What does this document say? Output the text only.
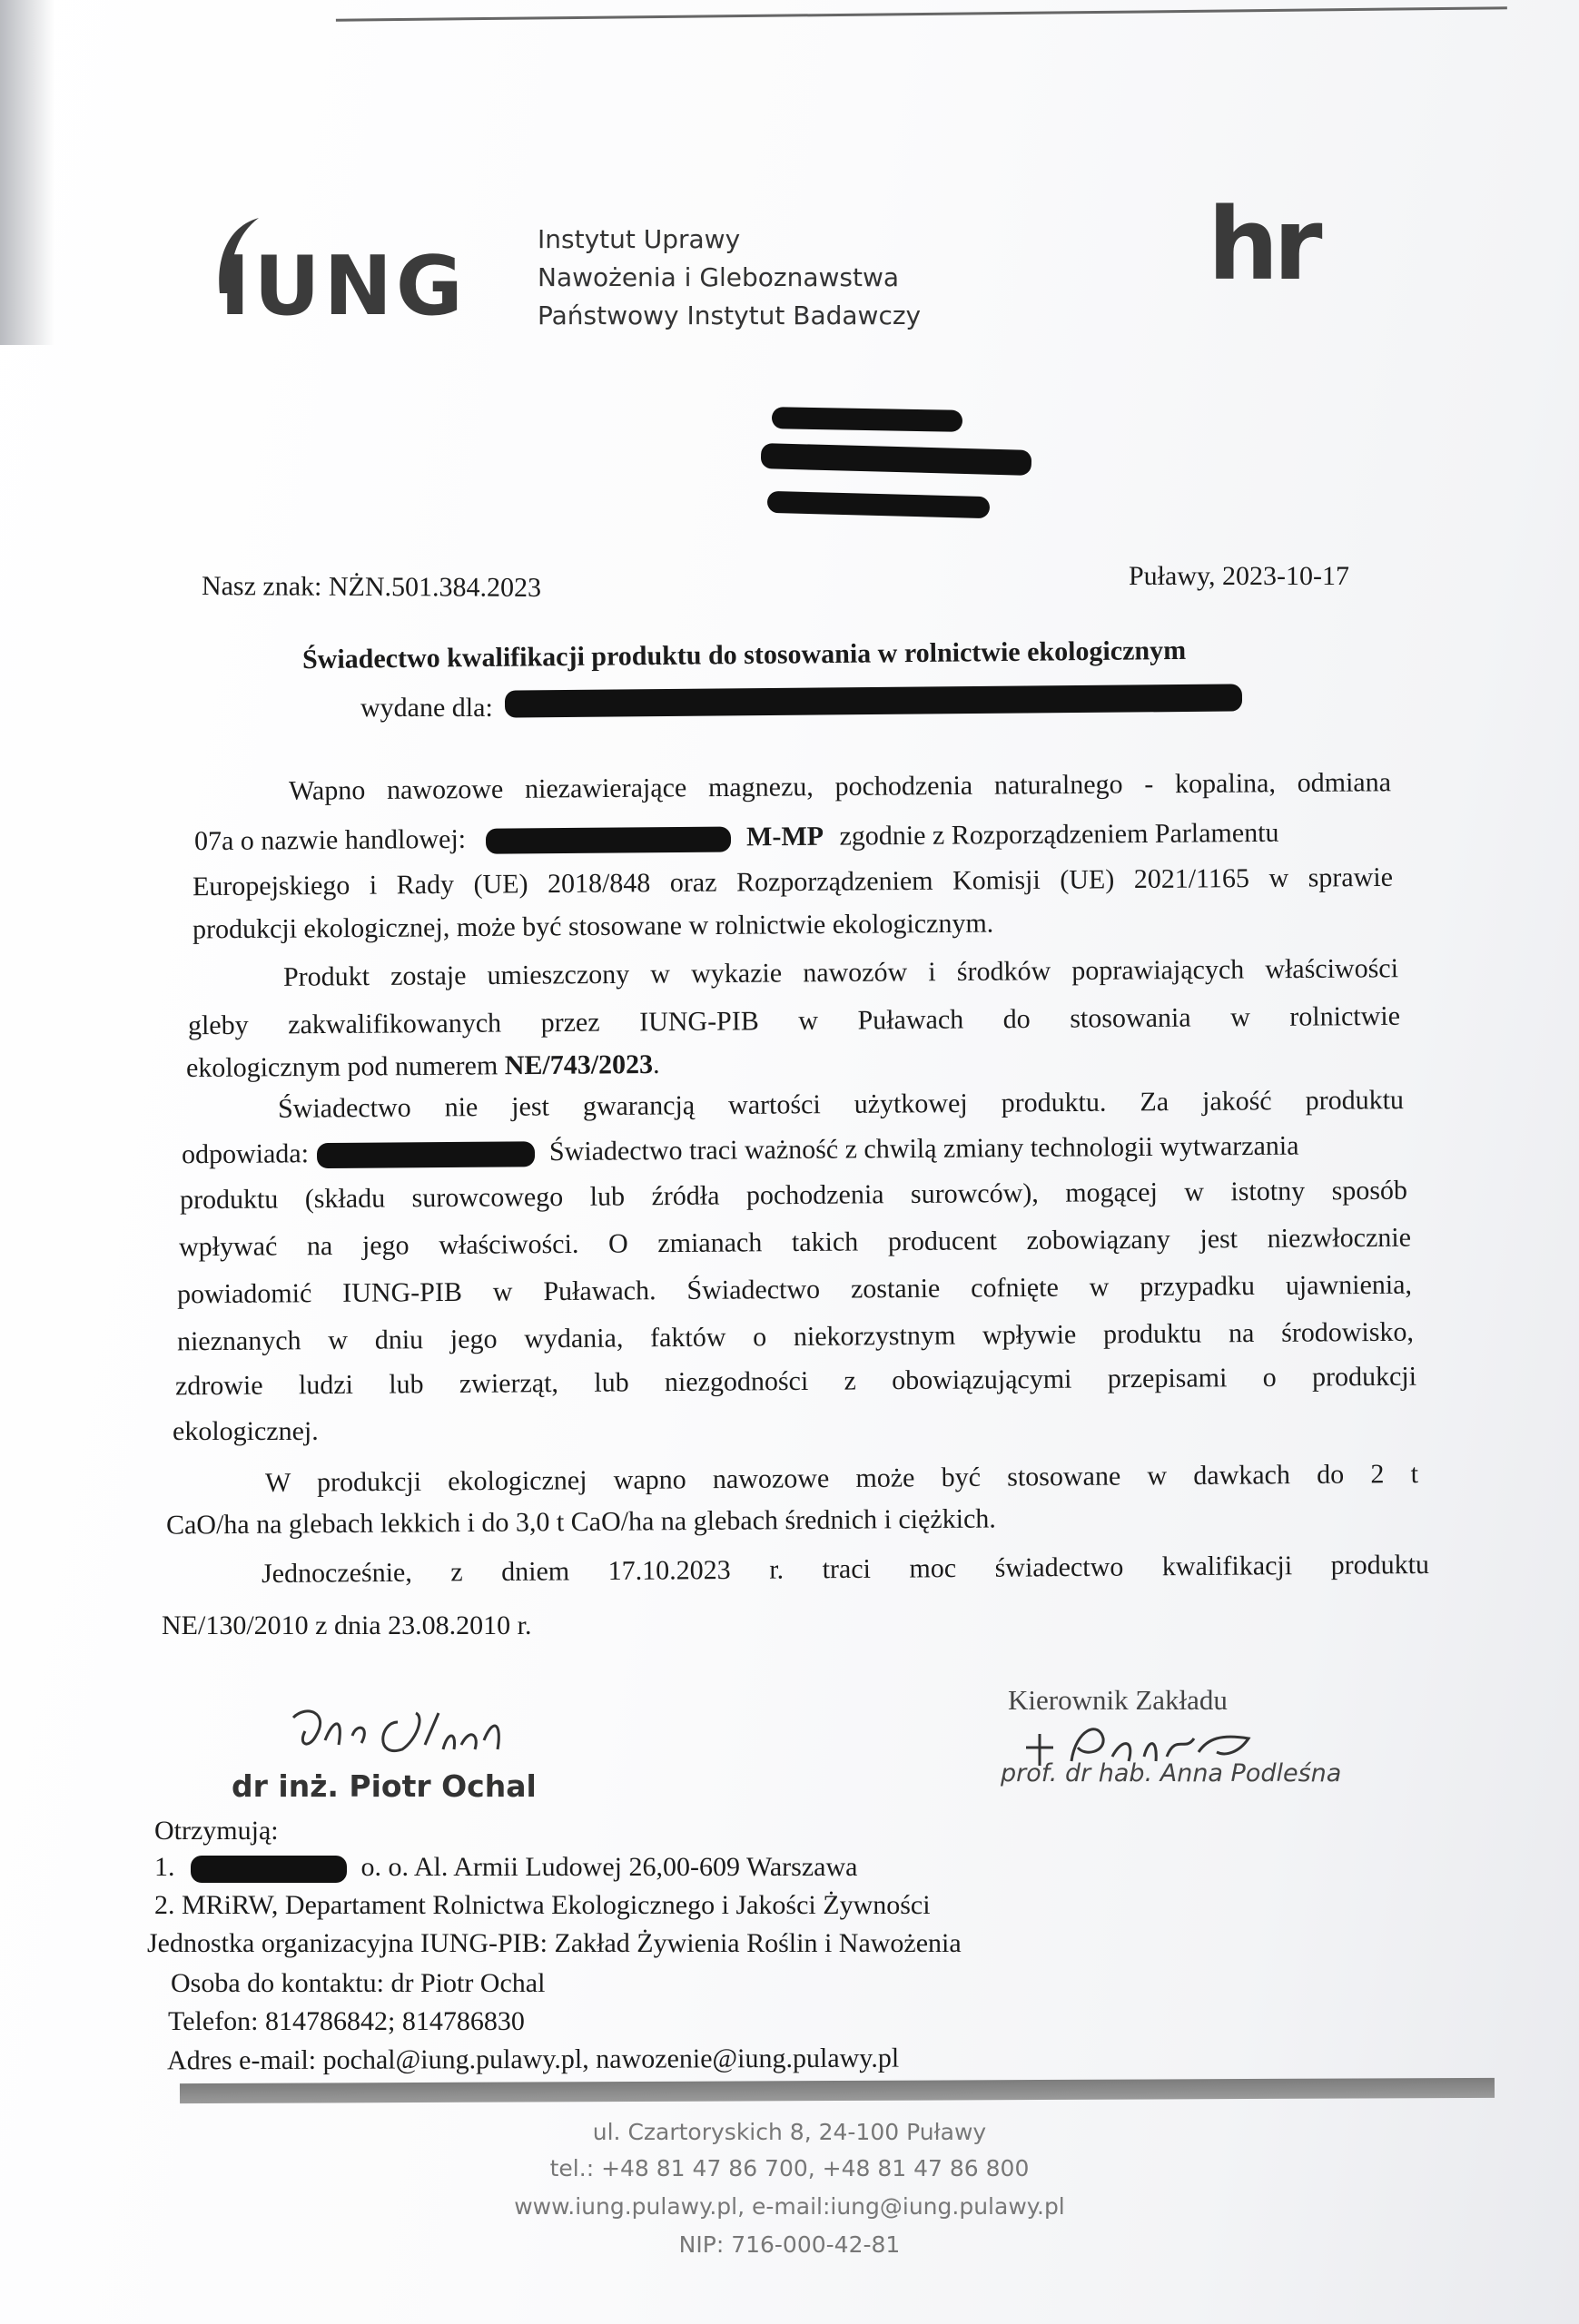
IUNG	Instytut Uprawy
Nawożenia i Gleboznawstwa
Państwowy Instytut Badawczy
hr
Nasz znak: NŻN.501.384.2023	Puławy, 2023-10-17
Świadectwo kwalifikacji produktu do stosowania w rolnictwie ekologicznym
wydane dla:
Wapno nawozowe niezawierające magnezu, pochodzenia naturalnego - kopalina, odmiana
07a o nazwie handlowej:	M-MP zgodnie z Rozporządzeniem Parlamentu
Europejskiego i Rady (UE) 2018/848 oraz Rozporządzeniem Komisji (UE) 2021/1165 w sprawie
produkcji ekologicznej, może być stosowane w rolnictwie ekologicznym.
Produkt zostaje umieszczony w wykazie nawozów i środków poprawiających właściwości
gleby zakwalifikowanych przez IUNG-PIB w Puławach do stosowania w rolnictwie
ekologicznym pod numerem NE/743/2023.
Świadectwo nie jest gwarancją wartości użytkowej produktu. Za jakość produktu
odpowiada:	Świadectwo traci ważność z chwilą zmiany technologii wytwarzania
produktu (składu surowcowego lub źródła pochodzenia surowców), mogącej w istotny sposób
wpływać na jego właściwości. O zmianach takich producent zobowiązany jest niezwłocznie
powiadomić IUNG-PIB w Puławach. Świadectwo zostanie cofnięte w przypadku ujawnienia,
nieznanych w dniu jego wydania, faktów o niekorzystnym wpływie produktu na środowisko,
zdrowie ludzi lub zwierząt, lub niezgodności z obowiązującymi przepisami o produkcji
ekologicznej.
W produkcji ekologicznej wapno nawozowe może być stosowane w dawkach do 2 t
CaO/ha na glebach lekkich i do 3,0 t CaO/ha na glebach średnich i ciężkich.
Jednocześnie, z dniem 17.10.2023 r. traci moc świadectwo kwalifikacji produktu
NE/130/2010 z dnia 23.08.2010 r.
dr inż. Piotr Ochal
Kierownik Zakładu
prof. dr hab. Anna Podleśna
Otrzymują:
1.	o. o. Al. Armii Ludowej 26,00-609 Warszawa
2. MRiRW, Departament Rolnictwa Ekologicznego i Jakości Żywności
Jednostka organizacyjna IUNG-PIB: Zakład Żywienia Roślin i Nawożenia
Osoba do kontaktu: dr Piotr Ochal
Telefon: 814786842; 814786830
Adres e-mail: pochal@iung.pulawy.pl, nawozenie@iung.pulawy.pl
ul. Czartoryskich 8, 24-100 Puławy
tel.: +48 81 47 86 700, +48 81 47 86 800
www.iung.pulawy.pl, e-mail:iung@iung.pulawy.pl
NIP: 716-000-42-81
